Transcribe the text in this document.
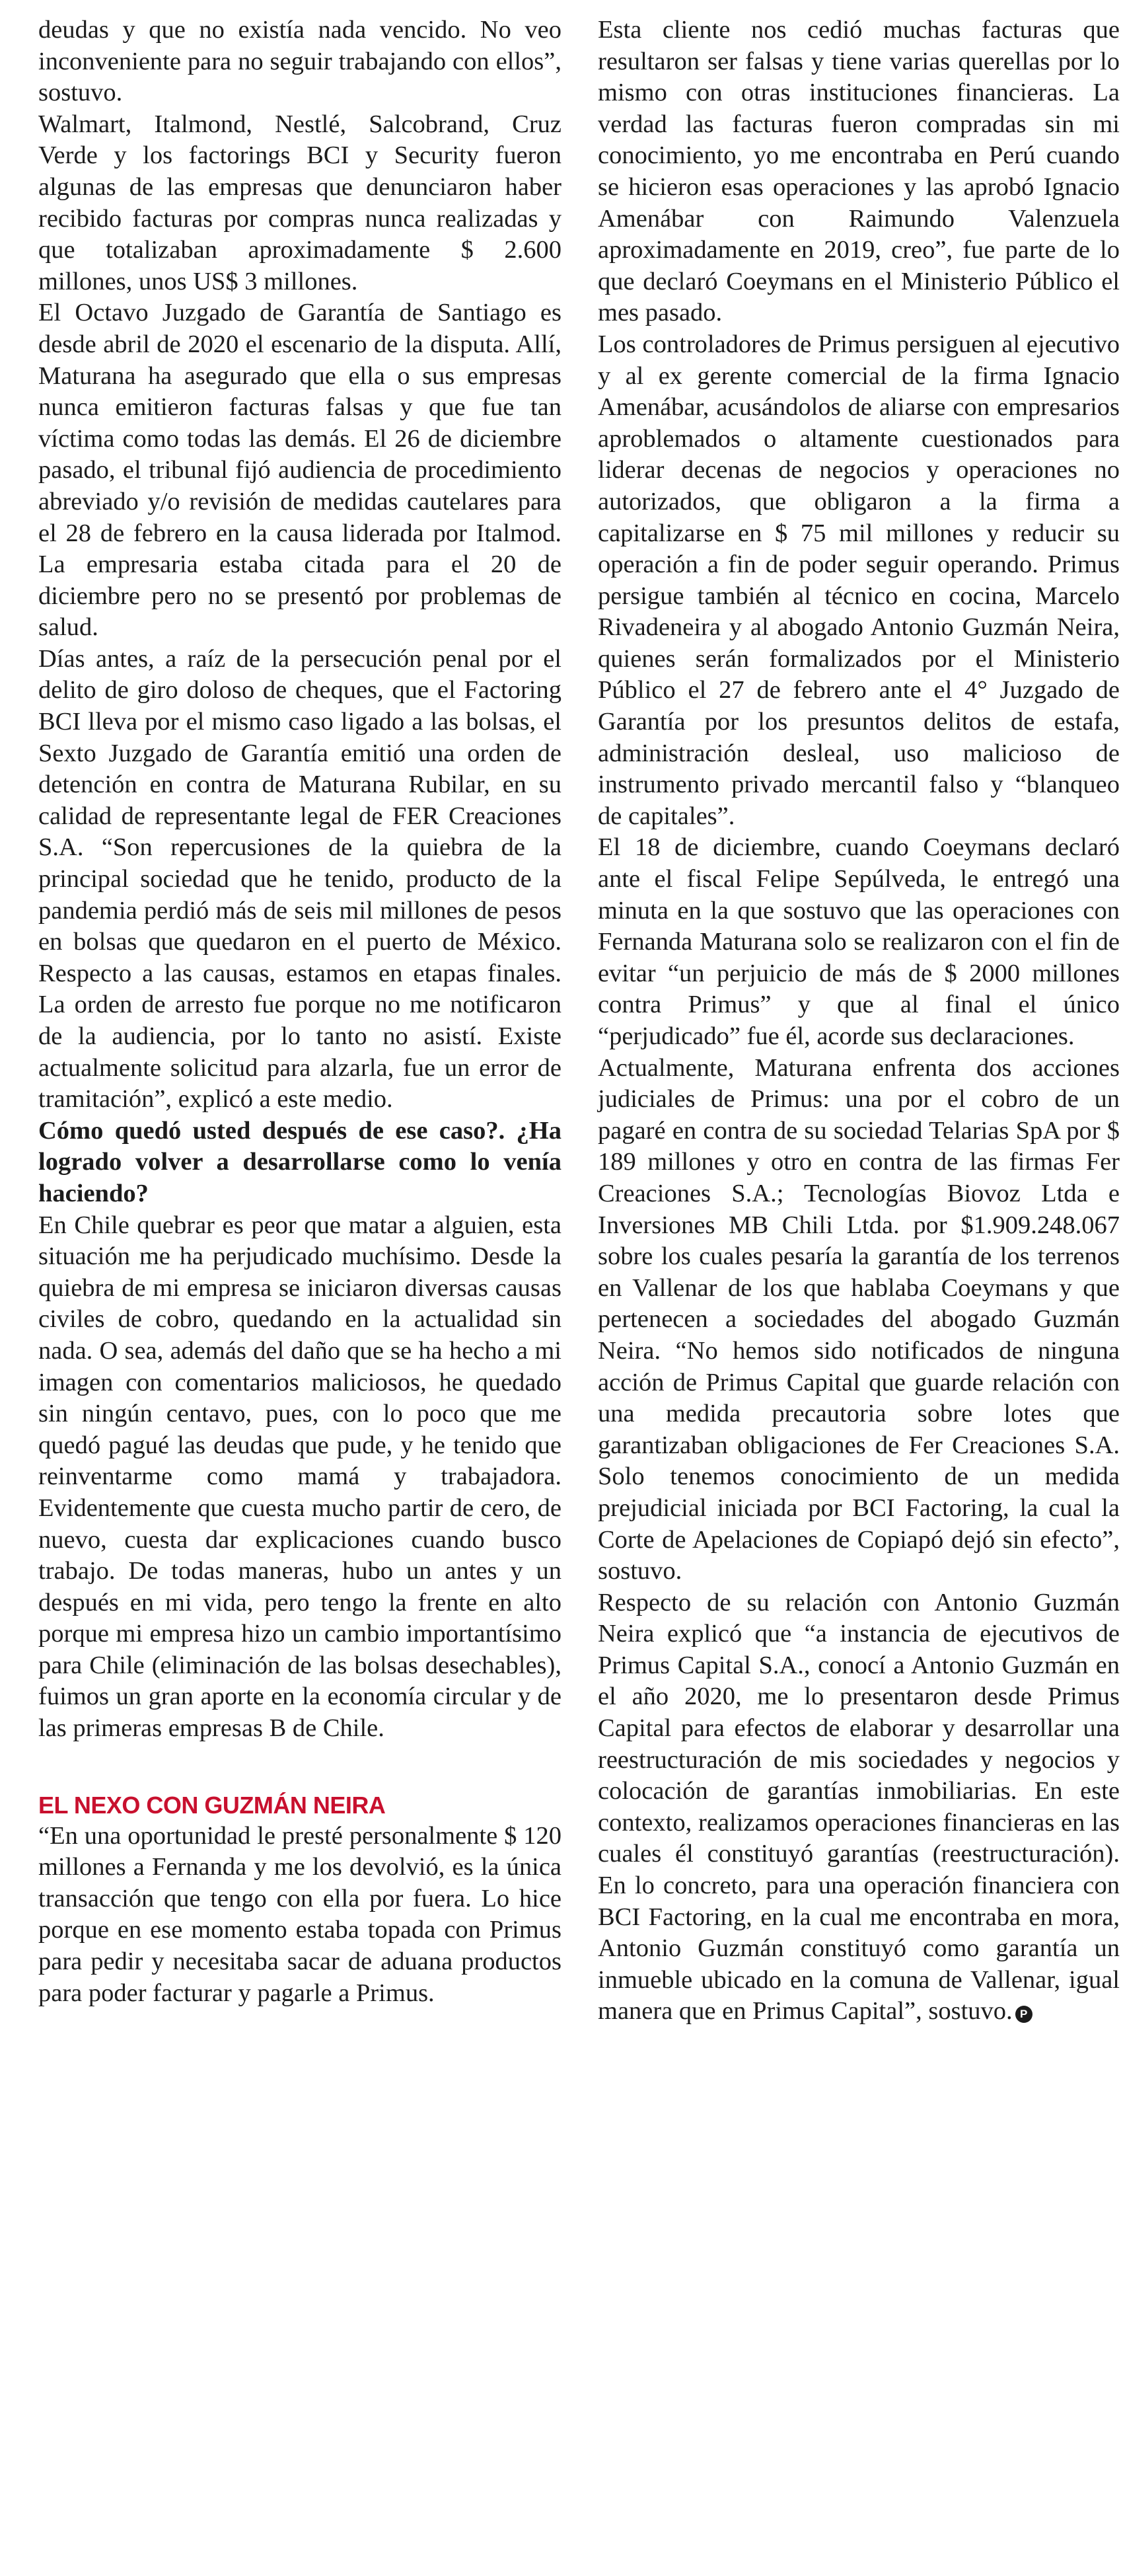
deudas y que no existía nada vencido. No veo inconveniente para no seguir trabajando con ellos”, sostuvo.

Walmart, Italmond, Nestlé, Salcobrand, Cruz Verde y los factorings BCI y Security fueron algunas de las empresas que denunciaron haber recibido facturas por compras nunca realizadas y que totalizaban aproximadamente $ 2.600 millones, unos US$ 3 millones.

El Octavo Juzgado de Garantía de Santiago es desde abril de 2020 el escenario de la disputa. Allí, Maturana ha asegurado que ella o sus empresas nunca emitieron facturas falsas y que fue tan víctima como todas las demás. El 26 de diciembre pasado, el tribunal fijó audiencia de procedimiento abreviado y/o revisión de medidas cautelares para el 28 de febrero en la causa liderada por Italmod. La empresaria estaba citada para el 20 de diciembre pero no se presentó por problemas de salud.

Días antes, a raíz de la persecución penal por el delito de giro doloso de cheques, que el Factoring BCI lleva por el mismo caso ligado a las bolsas, el Sexto Juzgado de Garantía emitió una orden de detención en contra de Maturana Rubilar, en su calidad de representante legal de FER Creaciones S.A. “Son repercusiones de la quiebra de la principal sociedad que he tenido, producto de la pandemia perdió más de seis mil millones de pesos en bolsas que quedaron en el puerto de México. Respecto a las causas, estamos en etapas finales. La orden de arresto fue porque no me notificaron de la audiencia, por lo tanto no asistí. Existe actualmente solicitud para alzarla, fue un error de tramitación”, explicó a este medio.

Cómo quedó usted después de ese caso?. ¿Ha logrado volver a desarrollarse como lo venía haciendo?

En Chile quebrar es peor que matar a alguien, esta situación me ha perjudicado muchísimo. Desde la quiebra de mi empresa se iniciaron diversas causas civiles de cobro, quedando en la actualidad sin nada. O sea, además del daño que se ha hecho a mi imagen con comentarios maliciosos, he quedado sin ningún centavo, pues, con lo poco que me quedó pagué las deudas que pude, y he tenido que reinventarme como mamá y trabajadora. Evidentemente que cuesta mucho partir de cero, de nuevo, cuesta dar explicaciones cuando busco trabajo. De todas maneras, hubo un antes y un después en mi vida, pero tengo la frente en alto porque mi empresa hizo un cambio importantísimo para Chile (eliminación de las bolsas desechables), fuimos un gran aporte en la economía circular y de las primeras empresas B de Chile.

EL NEXO CON GUZMÁN NEIRA

“En una oportunidad le presté personalmente $ 120 millones a Fernanda y me los devolvió, es la única transacción que tengo con ella por fuera. Lo hice porque en ese momento estaba topada con Primus para pedir y necesitaba sacar de aduana productos para poder facturar y pagarle a Primus.

Esta cliente nos cedió muchas facturas que resultaron ser falsas y tiene varias querellas por lo mismo con otras instituciones financieras. La verdad las facturas fueron compradas sin mi conocimiento, yo me encontraba en Perú cuando se hicieron esas operaciones y las aprobó Ignacio Amenábar con Raimundo Valenzuela aproximadamente en 2019, creo”, fue parte de lo que declaró Coeymans en el Ministerio Público el mes pasado.

Los controladores de Primus persiguen al ejecutivo y al ex gerente comercial de la firma Ignacio Amenábar, acusándolos de aliarse con empresarios aproblemados o altamente cuestionados para liderar decenas de negocios y operaciones no autorizados, que obligaron a la firma a capitalizarse en $ 75 mil millones y reducir su operación a fin de poder seguir operando. Primus persigue también al técnico en cocina, Marcelo Rivadeneira y al abogado Antonio Guzmán Neira, quienes serán formalizados por el Ministerio Público el 27 de febrero ante el 4° Juzgado de Garantía por los presuntos delitos de estafa, administración desleal, uso malicioso de instrumento privado mercantil falso y “blanqueo de capitales”.

El 18 de diciembre, cuando Coeymans declaró ante el fiscal Felipe Sepúlveda, le entregó una minuta en la que sostuvo que las operaciones con Fernanda Maturana solo se realizaron con el fin de evitar “un perjuicio de más de $ 2000 millones contra Primus” y que al final el único “perjudicado” fue él, acorde sus declaraciones.

Actualmente, Maturana enfrenta dos acciones judiciales de Primus: una por el cobro de un pagaré en contra de su sociedad Telarias SpA por $ 189 millones y otro en contra de las firmas Fer Creaciones S.A.; Tecnologías Biovoz Ltda e Inversiones MB Chili Ltda. por $1.909.248.067 sobre los cuales pesaría la garantía de los terrenos en Vallenar de los que hablaba Coeymans y que pertenecen a sociedades del abogado Guzmán Neira. “No hemos sido notificados de ninguna acción de Primus Capital que guarde relación con una medida precautoria sobre lotes que garantizaban obligaciones de Fer Creaciones S.A. Solo tenemos conocimiento de un medida prejudicial iniciada por BCI Factoring, la cual la Corte de Apelaciones de Copiapó dejó sin efecto”, sostuvo.

Respecto de su relación con Antonio Guzmán Neira explicó que “a instancia de ejecutivos de Primus Capital S.A., conocí a Antonio Guzmán en el año 2020, me lo presentaron desde Primus Capital para efectos de elaborar y desarrollar una reestructuración de mis sociedades y negocios y colocación de garantías inmobiliarias. En este contexto, realizamos operaciones financieras en las cuales él constituyó garantías (reestructuración). En lo concreto, para una operación financiera con BCI Factoring, en la cual me encontraba en mora, Antonio Guzmán constituyó como garantía un inmueble ubicado en la comuna de Vallenar, igual manera que en Primus Capital”, sostuvo. P
